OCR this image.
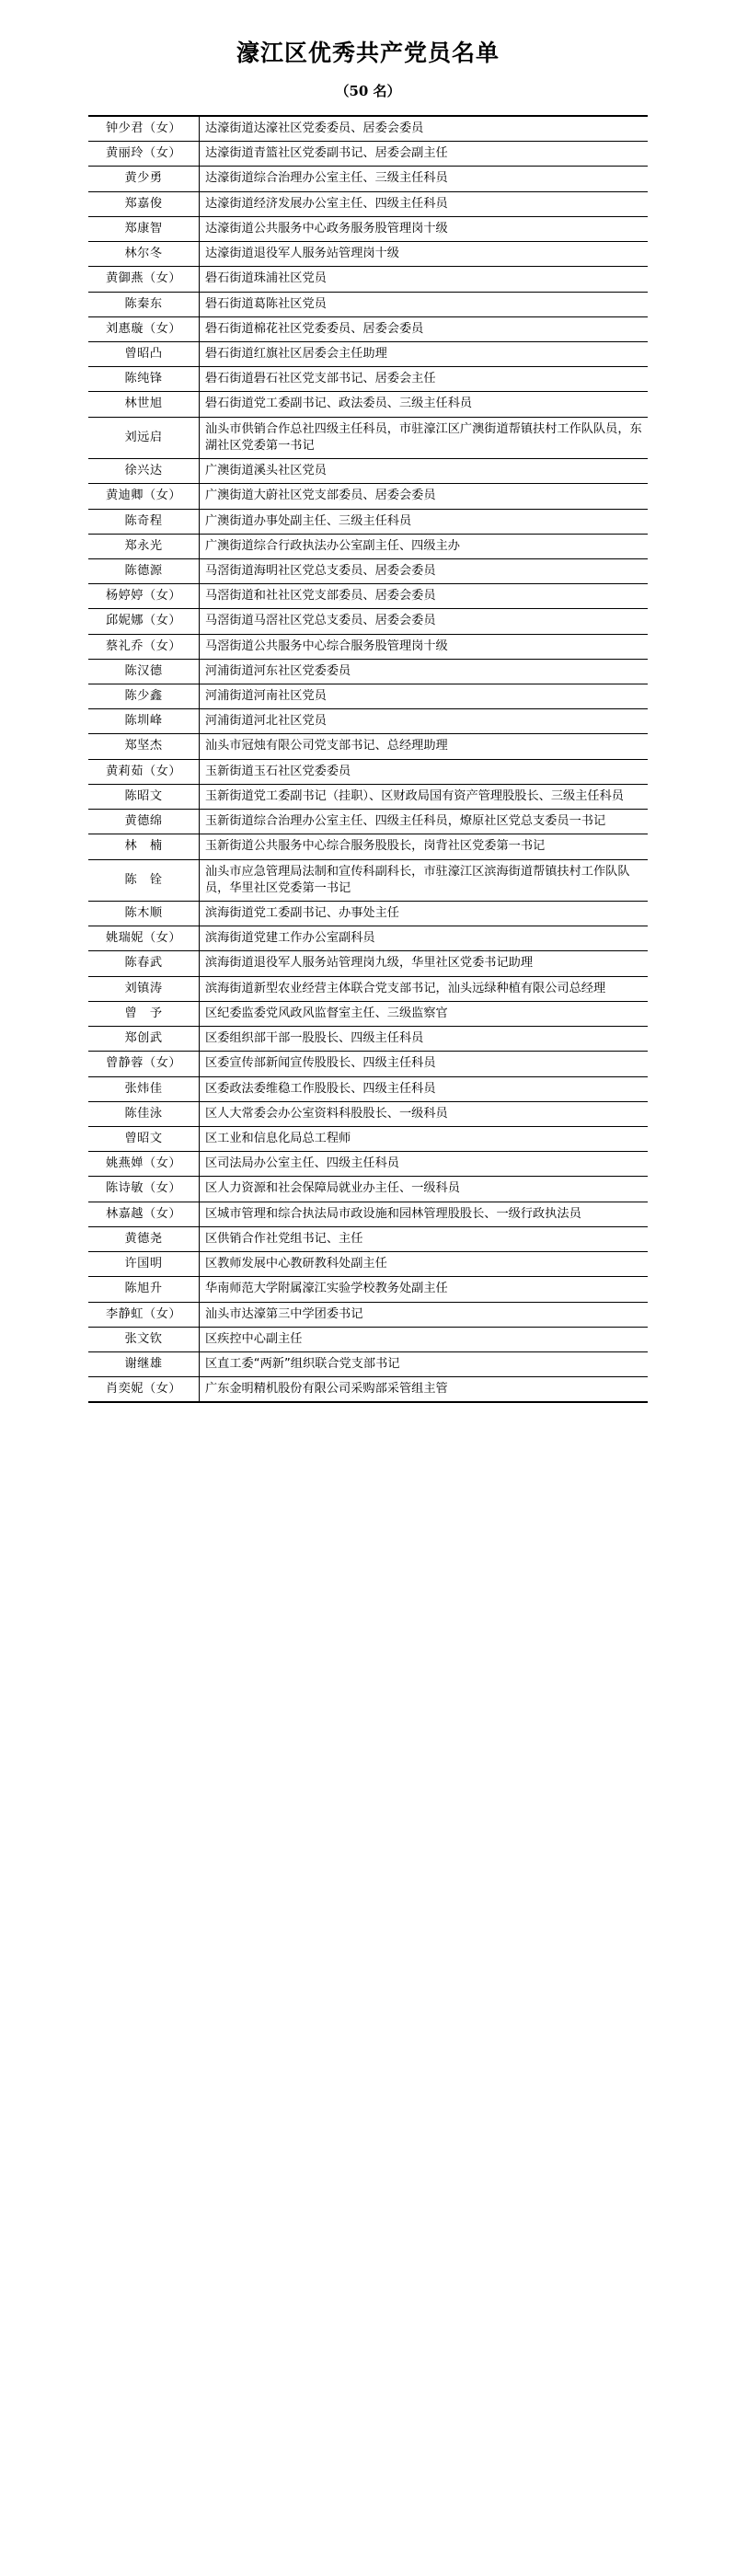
濠江区优秀共产党员名单
（50 名）
钟少君（女）	达濠街道达濠社区党委委员、居委会委员
黄丽玲（女）	达濠街道青篮社区党委副书记、居委会副主任
黄少勇	达濠街道综合治理办公室主任、三级主任科员
郑嘉俊	达濠街道经济发展办公室主任、四级主任科员
郑康智	达濠街道公共服务中心政务服务股管理岗十级
林尔冬	达濠街道退役军人服务站管理岗十级
黄御燕（女）	礐石街道珠浦社区党员
陈秦东	礐石街道葛陈社区党员
刘惠璇（女）	礐石街道棉花社区党委委员、居委会委员
曾昭凸	礐石街道红旗社区居委会主任助理
陈纯锋	礐石街道礐石社区党支部书记、居委会主任
林世旭	礐石街道党工委副书记、政法委员、三级主任科员
刘远启	汕头市供销合作总社四级主任科员，市驻濠江区广澳街道帮镇扶村工作队队员，东湖社区党委第一书记
徐兴达	广澳街道溪头社区党员
黄迪卿（女）	广澳街道大蔚社区党支部委员、居委会委员
陈奇程	广澳街道办事处副主任、三级主任科员
郑永光	广澳街道综合行政执法办公室副主任、四级主办
陈德源	马滘街道海明社区党总支委员、居委会委员
杨婷婷（女）	马滘街道和社社区党支部委员、居委会委员
邱妮娜（女）	马滘街道马滘社区党总支委员、居委会委员
蔡礼乔（女）	马滘街道公共服务中心综合服务股管理岗十级
陈汉德	河浦街道河东社区党委委员
陈少鑫	河浦街道河南社区党员
陈圳峰	河浦街道河北社区党员
郑坚杰	汕头市冠烛有限公司党支部书记、总经理助理
黄莉茹（女）	玉新街道玉石社区党委委员
陈昭文	玉新街道党工委副书记（挂职）、区财政局国有资产管理股股长、三级主任科员
黄德绵	玉新街道综合治理办公室主任、四级主任科员，燎原社区党总支委员一书记
林　楠	玉新街道公共服务中心综合服务股股长，岗背社区党委第一书记
陈　铨	汕头市应急管理局法制和宣传科副科长，市驻濠江区滨海街道帮镇扶村工作队队员，华里社区党委第一书记
陈木顺	滨海街道党工委副书记、办事处主任
姚瑞妮（女）	滨海街道党建工作办公室副科员
陈春武	滨海街道退役军人服务站管理岗九级，华里社区党委书记助理
刘镇涛	滨海街道新型农业经营主体联合党支部书记，汕头远绿种植有限公司总经理
曾　予	区纪委监委党风政风监督室主任、三级监察官
郑创武	区委组织部干部一股股长、四级主任科员
曾静蓉（女）	区委宣传部新闻宣传股股长、四级主任科员
张炜佳	区委政法委维稳工作股股长、四级主任科员
陈佳泳	区人大常委会办公室资料科股股长、一级科员
曾昭文	区工业和信息化局总工程师
姚燕婵（女）	区司法局办公室主任、四级主任科员
陈诗敏（女）	区人力资源和社会保障局就业办主任、一级科员
林嘉越（女）	区城市管理和综合执法局市政设施和园林管理股股长、一级行政执法员
黄德尧	区供销合作社党组书记、主任
许国明	区教师发展中心教研教科处副主任
陈旭升	华南师范大学附属濠江实验学校教务处副主任
李静虹（女）	汕头市达濠第三中学团委书记
张文钦	区疾控中心副主任
谢继雄	区直工委“两新”组织联合党支部书记
肖奕妮（女）	广东金明精机股份有限公司采购部采管组主管
